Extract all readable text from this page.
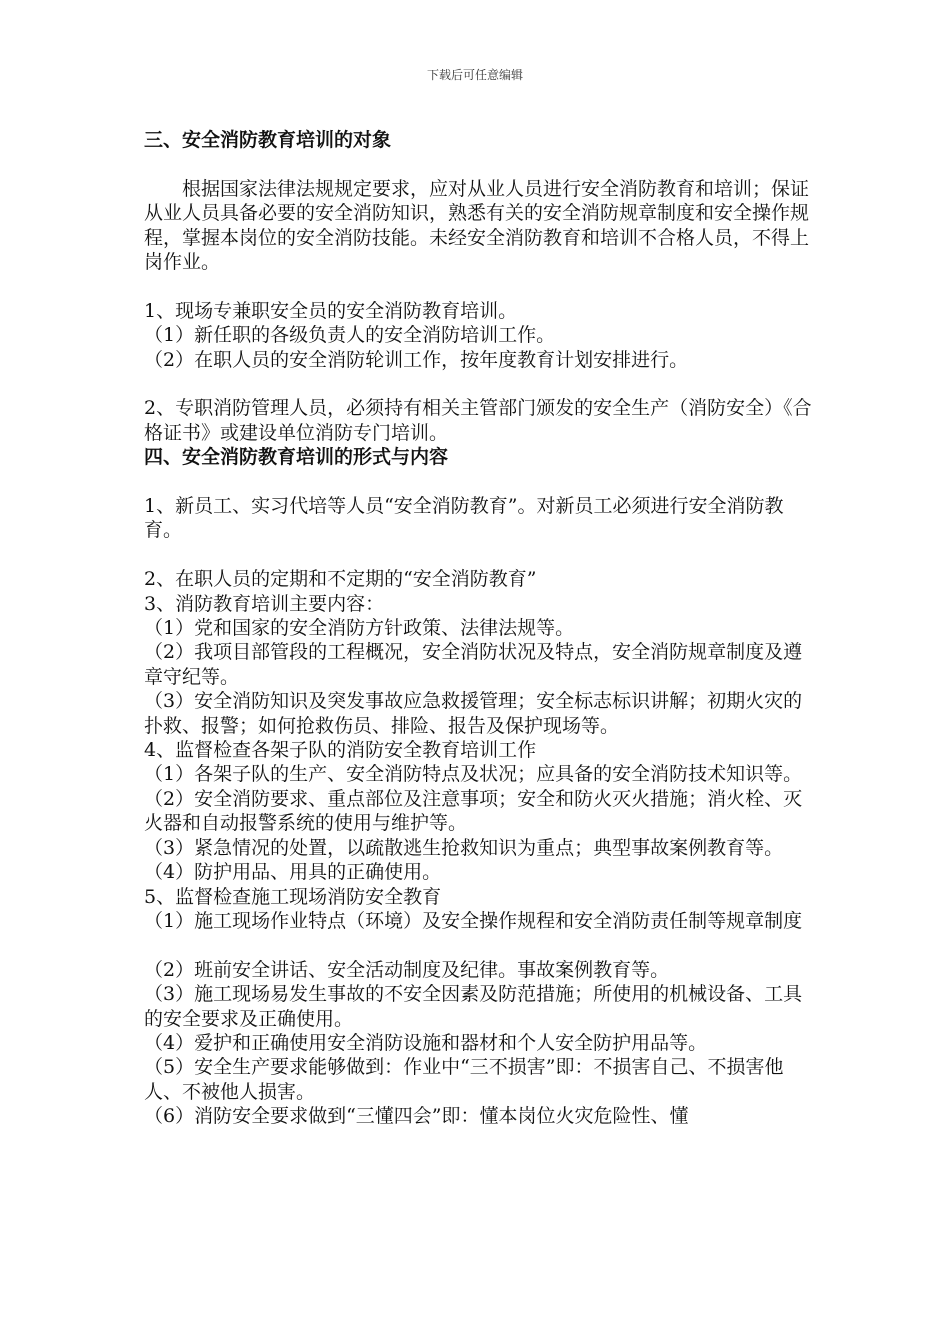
下载后可任意编辑

三、安全消防教育培训的对象

根据国家法律法规规定要求，应对从业人员进行安全消防教育和培训；保证从业人员具备必要的安全消防知识，熟悉有关的安全消防规章制度和安全操作规程，掌握本岗位的安全消防技能。未经安全消防教育和培训不合格人员，不得上岗作业。

1、现场专兼职安全员的安全消防教育培训。

（1）新任职的各级负责人的安全消防培训工作。

（2）在职人员的安全消防轮训工作，按年度教育计划安排进行。

2、专职消防管理人员，必须持有相关主管部门颁发的安全生产（消防安全）《合格证书》或建设单位消防专门培训。

四、安全消防教育培训的形式与内容

1、新员工、实习代培等人员“安全消防教育”。对新员工必须进行安全消防教育。

2、在职人员的定期和不定期的“安全消防教育”

3、消防教育培训主要内容：

（1）党和国家的安全消防方针政策、法律法规等。

（2）我项目部管段的工程概况，安全消防状况及特点，安全消防规章制度及遵章守纪等。

（3）安全消防知识及突发事故应急救援管理；安全标志标识讲解；初期火灾的扑救、报警；如何抢救伤员、排险、报告及保护现场等。

4、监督检查各架子队的消防安全教育培训工作

（1）各架子队的生产、安全消防特点及状况；应具备的安全消防技术知识等。

（2）安全消防要求、重点部位及注意事项；安全和防火灭火措施；消火栓、灭火器和自动报警系统的使用与维护等。

（3）紧急情况的处置，以疏散逃生抢救知识为重点；典型事故案例教育等。

（4）防护用品、用具的正确使用。

5、监督检查施工现场消防安全教育

（1）施工现场作业特点（环境）及安全操作规程和安全消防责任制等规章制度

（2）班前安全讲话、安全活动制度及纪律。事故案例教育等。

（3）施工现场易发生事故的不安全因素及防范措施；所使用的机械设备、工具的安全要求及正确使用。

（4）爱护和正确使用安全消防设施和器材和个人安全防护用品等。

（5）安全生产要求能够做到：作业中“三不损害”即：不损害自己、不损害他人、不被他人损害。

（6）消防安全要求做到“三懂四会”即：懂本岗位火灾危险性、懂
